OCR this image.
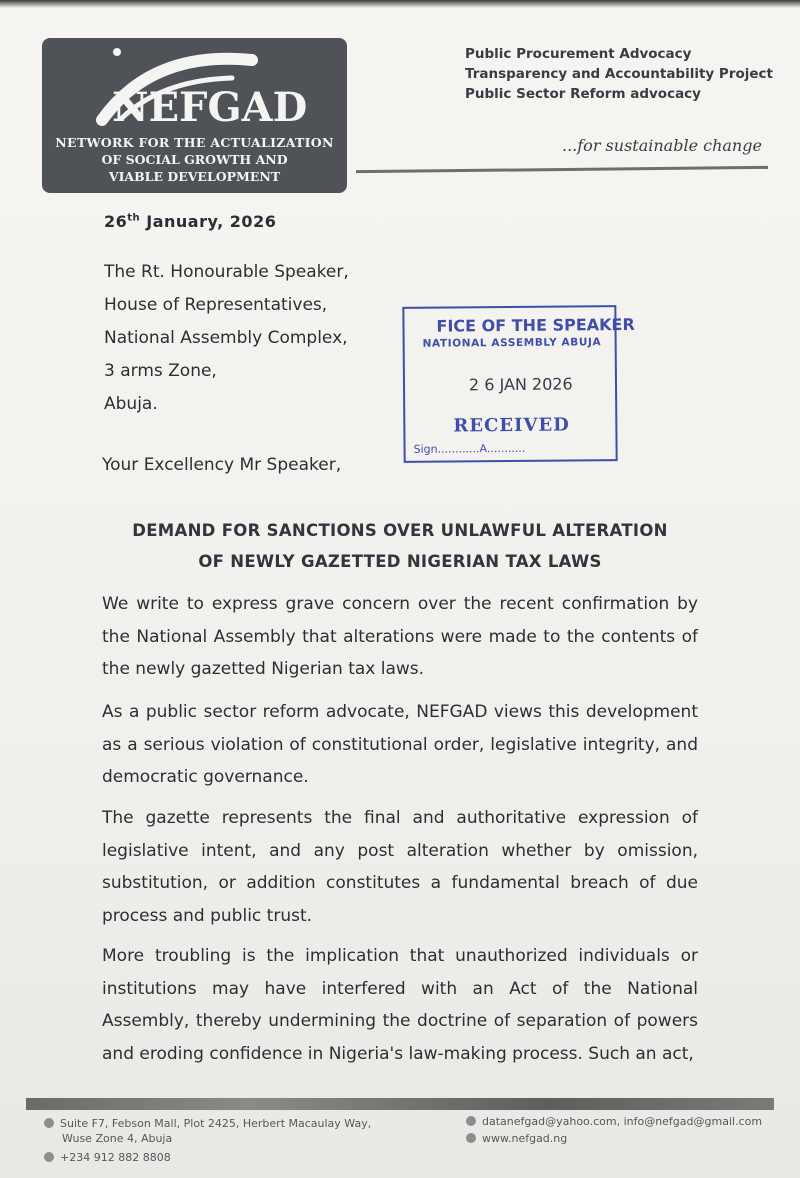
NEFGAD
NETWORK FOR THE ACTUALIZATION
OF SOCIAL GROWTH AND
VIABLE DEVELOPMENT
Public Procurement Advocacy
Transparency and Accountability Project
Public Sector Reform advocacy
...for sustainable change
26th January, 2026
The Rt. Honourable Speaker,
House of Representatives,
National Assembly Complex,
3 arms Zone,
Abuja.
Your Excellency Mr Speaker,
DEMAND FOR SANCTIONS OVER UNLAWFUL ALTERATION
OF NEWLY GAZETTED NIGERIAN TAX LAWS
We write to express grave concern over the recent confirmation by the National Assembly that alterations were made to the contents of the newly gazetted Nigerian tax laws.
As a public sector reform advocate, NEFGAD views this development as a serious violation of constitutional order, legislative integrity, and democratic governance.
The gazette represents the final and authoritative expression of legislative intent, and any post alteration whether by omission, substitution, or addition constitutes a fundamental breach of due process and public trust.
More troubling is the implication that unauthorized individuals or institutions may have interfered with an Act of the National Assembly, thereby undermining the doctrine of separation of powers and eroding confidence in Nigeria's law-making process. Such an act,
FICE OF THE SPEAKER
NATIONAL ASSEMBLY ABUJA
2 6 JAN 2026
RECEIVED
Sign............A...........
Suite F7, Febson Mall, Plot 2425, Herbert Macaulay Way,
Wuse Zone 4, Abuja
+234 912 882 8808
datanefgad@yahoo.com, info@nefgad@gmail.com
www.nefgad.ng
